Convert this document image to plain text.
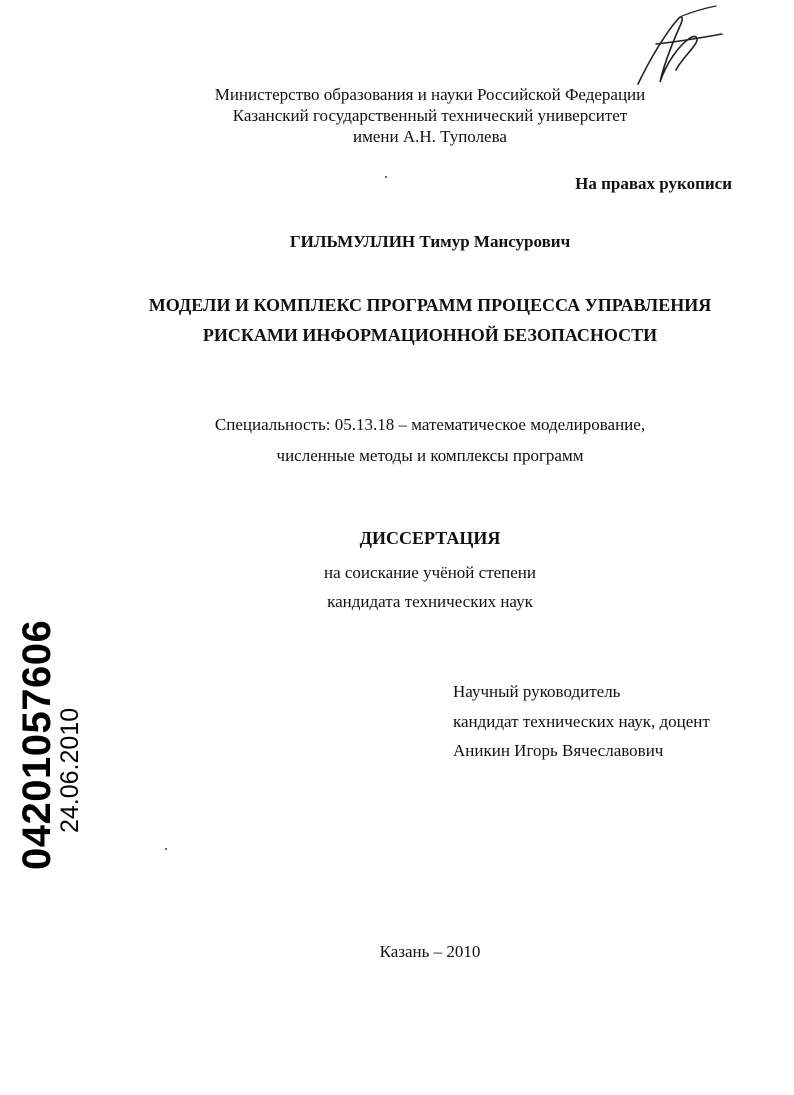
Министерство образования и науки Российской Федерации
Казанский государственный технический университет
имени А.Н. Туполева
На правах рукописи
ГИЛЬМУЛЛИН Тимур Мансурович
МОДЕЛИ И КОМПЛЕКС ПРОГРАММ ПРОЦЕССА УПРАВЛЕНИЯ
РИСКАМИ ИНФОРМАЦИОННОЙ БЕЗОПАСНОСТИ
Специальность: 05.13.18 – математическое моделирование,
численные методы и комплексы программ
ДИССЕРТАЦИЯ
на соискание учёной степени
кандидата технических наук
04201057606
24.06.2010
Научный руководитель
кандидат технических наук, доцент
Аникин Игорь Вячеславович
Казань – 2010
